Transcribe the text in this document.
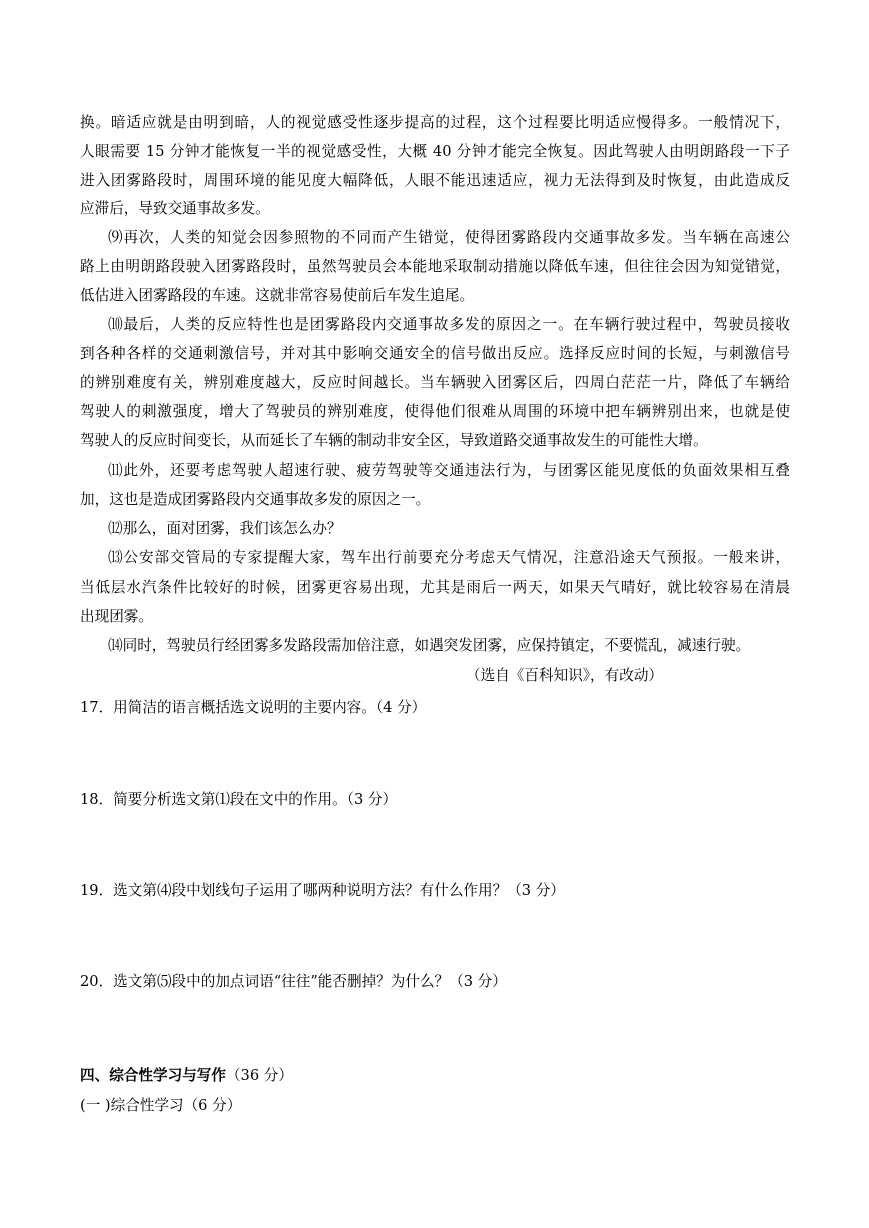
换。暗适应就是由明到暗，人的视觉感受性逐步提高的过程，这个过程要比明适应慢得多。一般情况下，
人眼需要 15 分钟才能恢复一半的视觉感受性，大概 40 分钟才能完全恢复。因此驾驶人由明朗路段一下子
进入团雾路段时，周围环境的能见度大幅降低，人眼不能迅速适应，视力无法得到及时恢复，由此造成反
应滞后，导致交通事故多发。
⑼再次，人类的知觉会因参照物的不同而产生错觉，使得团雾路段内交通事故多发。当车辆在高速公
路上由明朗路段驶入团雾路段时，虽然驾驶员会本能地采取制动措施以降低车速，但往往会因为知觉错觉，
低估进入团雾路段的车速。这就非常容易使前后车发生追尾。
⑽最后，人类的反应特性也是团雾路段内交通事故多发的原因之一。在车辆行驶过程中，驾驶员接收
到各种各样的交通刺激信号，并对其中影响交通安全的信号做出反应。选择反应时间的长短，与刺激信号
的辨别难度有关，辨别难度越大，反应时间越长。当车辆驶入团雾区后，四周白茫茫一片，降低了车辆给
驾驶人的刺激强度，增大了驾驶员的辨别难度，使得他们很难从周围的环境中把车辆辨别出来，也就是使
驾驶人的反应时间变长，从而延长了车辆的制动非安全区，导致道路交通事故发生的可能性大增。
⑾此外，还要考虑驾驶人超速行驶、疲劳驾驶等交通违法行为，与团雾区能见度低的负面效果相互叠
加，这也是造成团雾路段内交通事故多发的原因之一。
⑿那么，面对团雾，我们该怎么办？
⒀公安部交管局的专家提醒大家，驾车出行前要充分考虑天气情况，注意沿途天气预报。一般来讲，
当低层水汽条件比较好的时候，团雾更容易出现，尤其是雨后一两天，如果天气晴好，就比较容易在清晨
出现团雾。
⒁同时，驾驶员行经团雾多发路段需加倍注意，如遇突发团雾，应保持镇定，不要慌乱，减速行驶。
（选自《百科知识》，有改动）
17．用简洁的语言概括选文说明的主要内容。（4 分）
18．简要分析选文第⑴段在文中的作用。（3 分）
19．选文第⑷段中划线句子运用了哪两种说明方法？有什么作用？（3 分）
20．选文第⑸段中的加点词语“往往”能否删掉？为什么？（3 分）
四、综合性学习与写作（36 分）
(一 )综合性学习（6 分）
